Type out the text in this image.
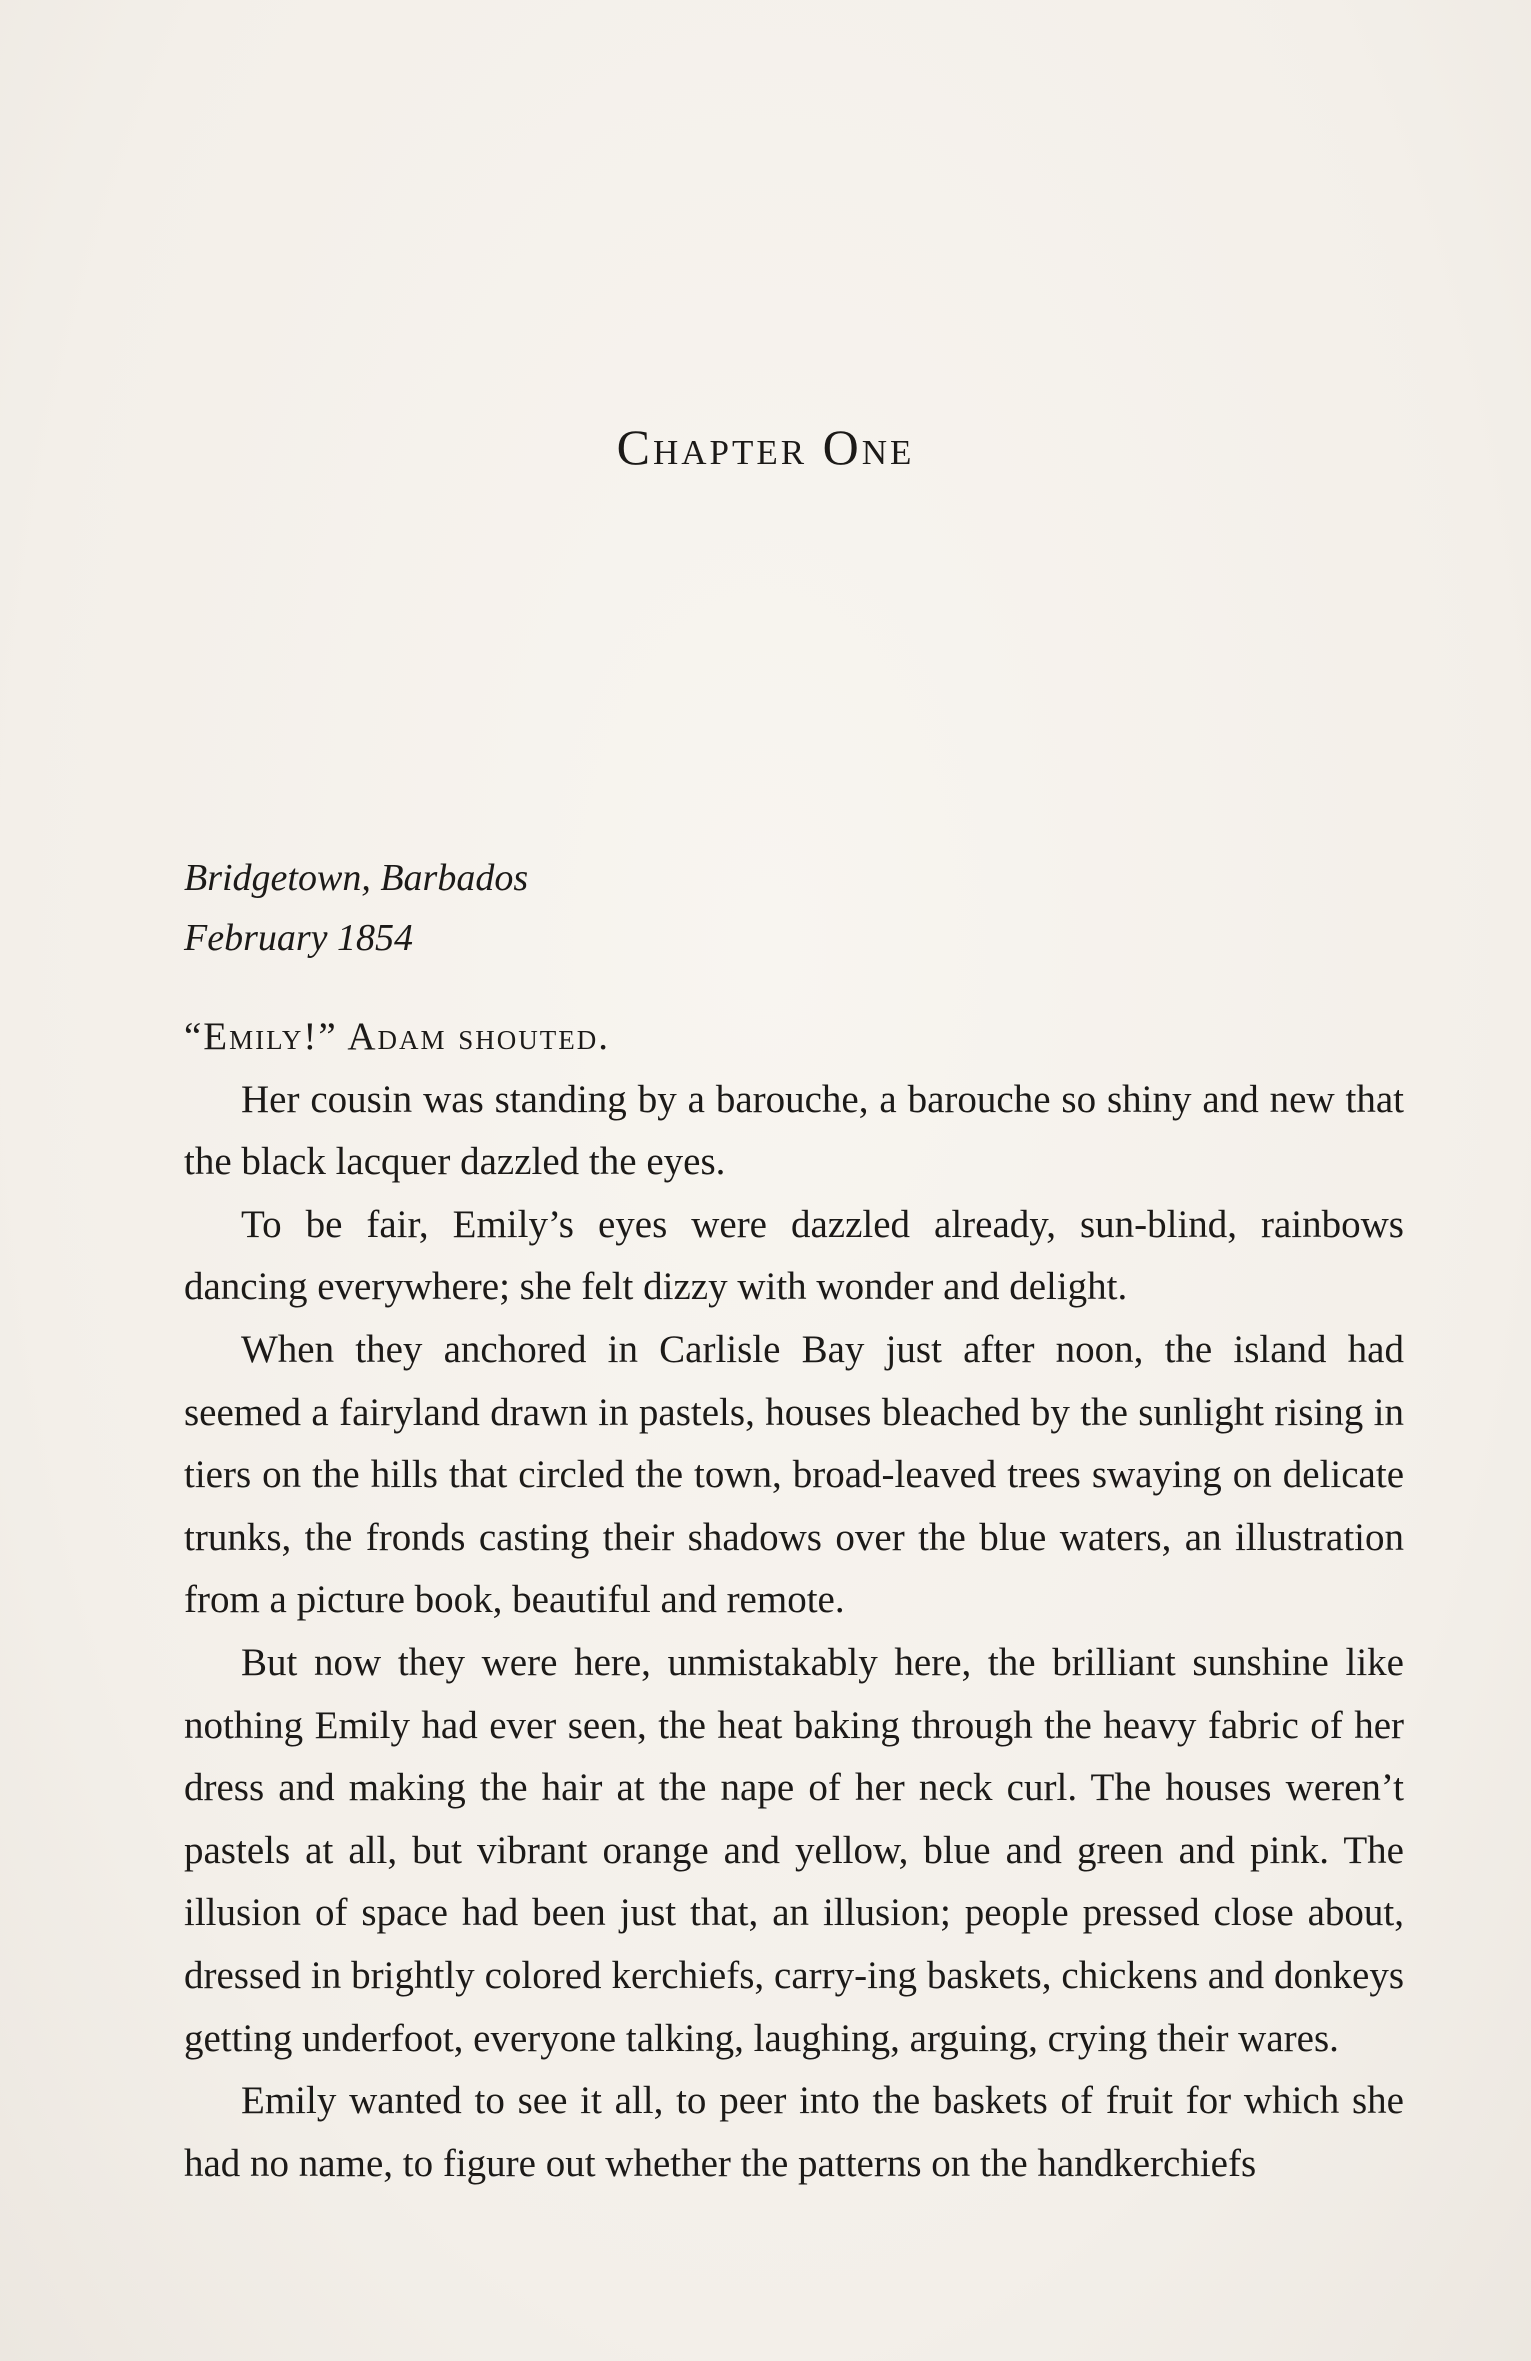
Chapter One
Bridgetown, Barbados
February 1854

“Emily!” Adam shouted.

Her cousin was standing by a barouche, a barouche so shiny and new that the black lacquer dazzled the eyes.

To be fair, Emily’s eyes were dazzled already, sun-blind, rainbows dancing everywhere; she felt dizzy with wonder and delight.

When they anchored in Carlisle Bay just after noon, the island had seemed a fairyland drawn in pastels, houses bleached by the sunlight rising in tiers on the hills that circled the town, broad-leaved trees swaying on delicate trunks, the fronds casting their shadows over the blue waters, an illustration from a picture book, beautiful and remote.

But now they were here, unmistakably here, the brilliant sunshine like nothing Emily had ever seen, the heat baking through the heavy fabric of her dress and making the hair at the nape of her neck curl. The houses weren’t pastels at all, but vibrant orange and yellow, blue and green and pink. The illusion of space had been just that, an illusion; people pressed close about, dressed in brightly colored kerchiefs, carry-ing baskets, chickens and donkeys getting underfoot, everyone talking, laughing, arguing, crying their wares.

Emily wanted to see it all, to peer into the baskets of fruit for which she had no name, to figure out whether the patterns on the handkerchiefs
